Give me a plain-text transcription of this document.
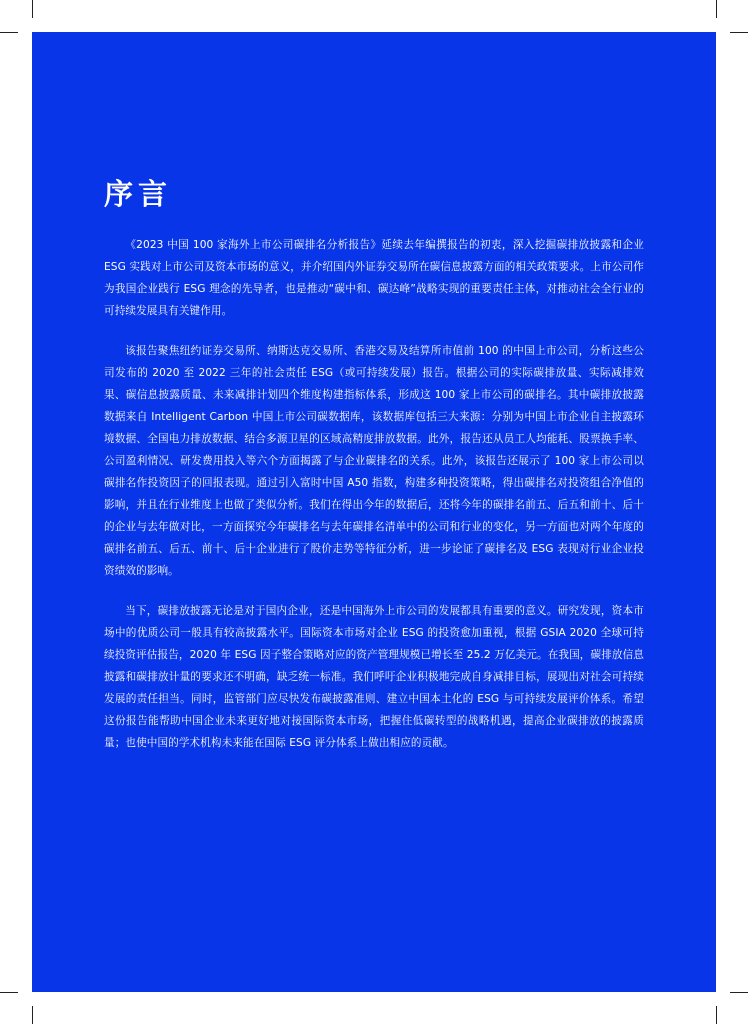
序言

《2023 中国 100 家海外上市公司碳排名分析报告》延续去年编撰报告的初衷，深入挖掘碳排放披露和企业 ESG 实践对上市公司及资本市场的意义，并介绍国内外证券交易所在碳信息披露方面的相关政策要求。上市公司作为我国企业践行 ESG 理念的先导者，也是推动“碳中和、碳达峰”战略实现的重要责任主体，对推动社会全行业的可持续发展具有关键作用。

该报告聚焦纽约证券交易所、纳斯达克交易所、香港交易及结算所市值前 100 的中国上市公司，分析这些公司发布的 2020 至 2022 三年的社会责任 ESG（或可持续发展）报告。根据公司的实际碳排放量、实际减排效果、碳信息披露质量、未来减排计划四个维度构建指标体系，形成这 100 家上市公司的碳排名。其中碳排放披露数据来自 Intelligent Carbon 中国上市公司碳数据库，该数据库包括三大来源：分别为中国上市企业自主披露环境数据、全国电力排放数据、结合多源卫星的区域高精度排放数据。此外，报告还从员工人均能耗、股票换手率、公司盈利情况、研发费用投入等六个方面揭露了与企业碳排名的关系。此外，该报告还展示了 100 家上市公司以碳排名作投资因子的回报表现。通过引入富时中国 A50 指数，构建多种投资策略，得出碳排名对投资组合净值的影响，并且在行业维度上也做了类似分析。我们在得出今年的数据后，还将今年的碳排名前五、后五和前十、后十的企业与去年做对比，一方面探究今年碳排名与去年碳排名清单中的公司和行业的变化，另一方面也对两个年度的碳排名前五、后五、前十、后十企业进行了股价走势等特征分析，进一步论证了碳排名及 ESG 表现对行业企业投资绩效的影响。

当下，碳排放披露无论是对于国内企业，还是中国海外上市公司的发展都具有重要的意义。研究发现，资本市场中的优质公司一般具有较高披露水平。国际资本市场对企业 ESG 的投资愈加重视，根据 GSIA 2020 全球可持续投资评估报告，2020 年 ESG 因子整合策略对应的资产管理规模已增长至 25.2 万亿美元。在我国，碳排放信息披露和碳排放计量的要求还不明确，缺乏统一标准。我们呼吁企业积极地完成自身减排目标，展现出对社会可持续发展的责任担当。同时，监管部门应尽快发布碳披露准则、建立中国本土化的 ESG 与可持续发展评价体系。希望这份报告能帮助中国企业未来更好地对接国际资本市场，把握住低碳转型的战略机遇，提高企业碳排放的披露质量；也使中国的学术机构未来能在国际 ESG 评分体系上做出相应的贡献。
